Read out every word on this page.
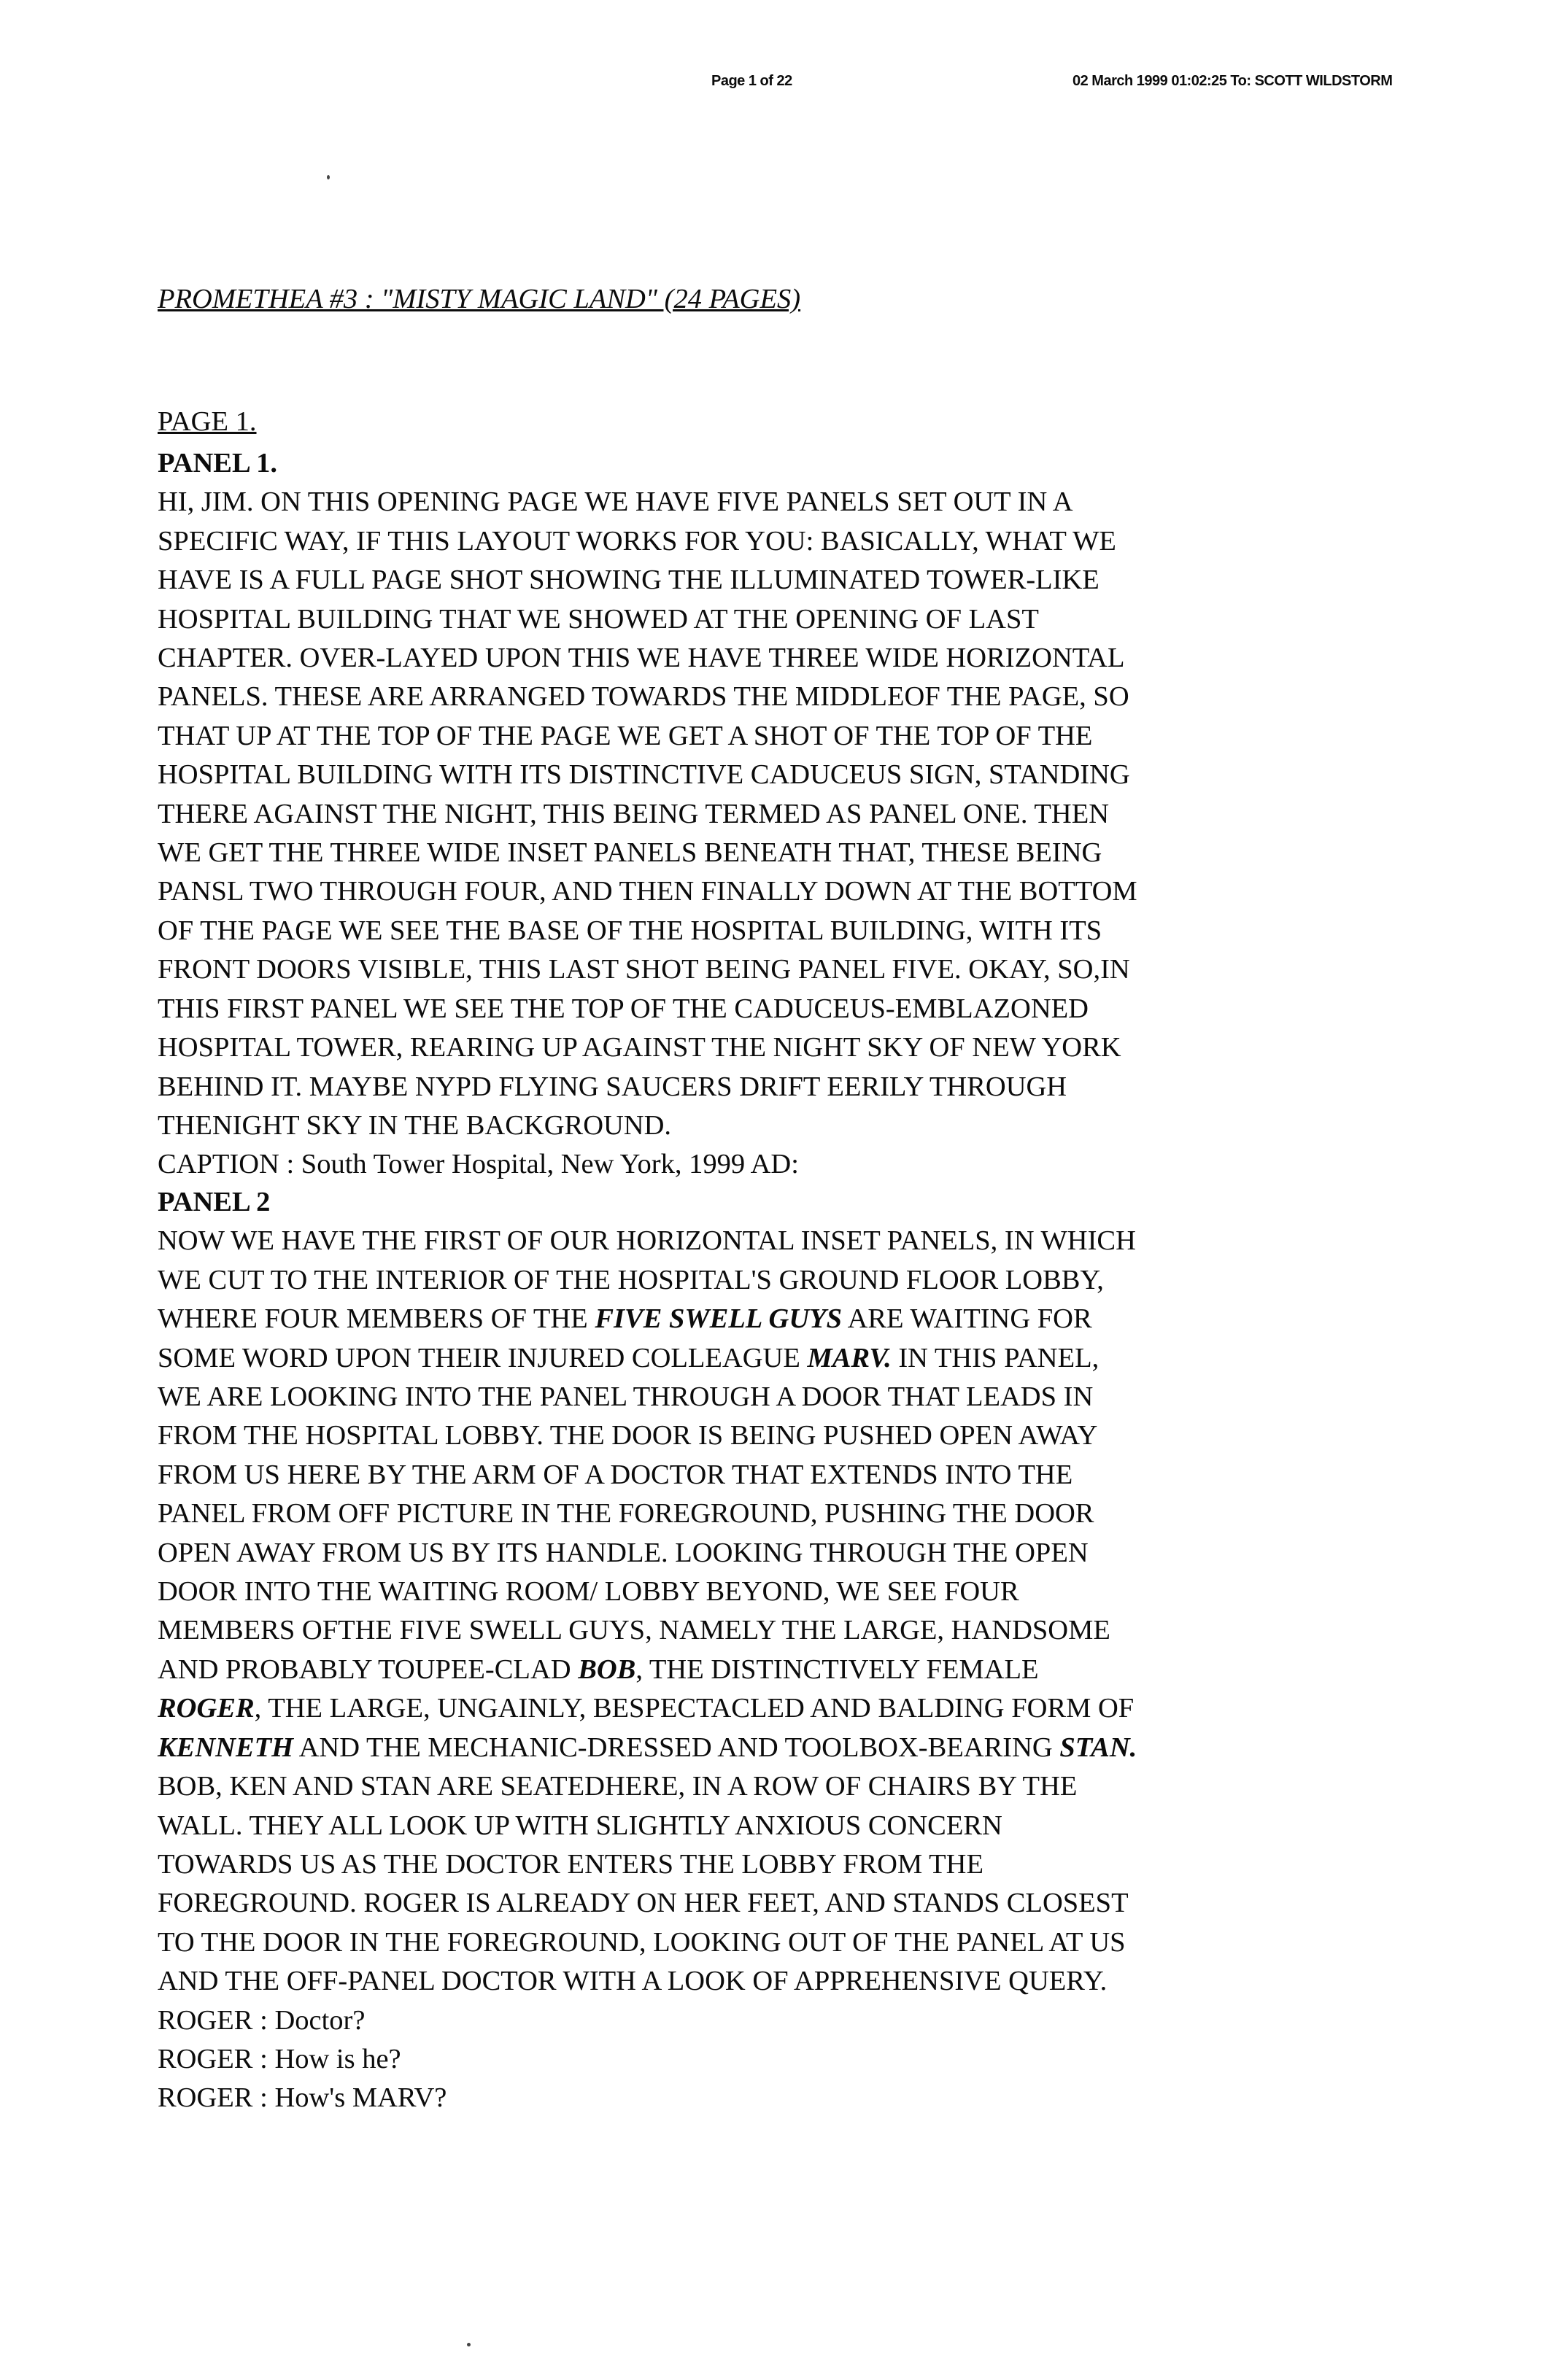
Page 1 of 22	02 March 1999 01:02:25 To: SCOTT WILDSTORM
PROMETHEA #3 : "MISTY MAGIC LAND" (24 PAGES)
PAGE 1.
PANEL 1.
HI, JIM. ON THIS OPENING PAGE WE HAVE FIVE PANELS SET OUT IN A
SPECIFIC WAY, IF THIS LAYOUT WORKS FOR YOU: BASICALLY, WHAT WE
HAVE IS A FULL PAGE SHOT SHOWING THE ILLUMINATED TOWER-LIKE
HOSPITAL BUILDING THAT WE SHOWED AT THE OPENING OF LAST
CHAPTER. OVER-LAYED UPON THIS WE HAVE THREE WIDE HORIZONTAL
PANELS. THESE ARE ARRANGED TOWARDS THE MIDDLEOF THE PAGE, SO
THAT UP AT THE TOP OF THE PAGE WE GET A SHOT OF THE TOP OF THE
HOSPITAL BUILDING WITH ITS DISTINCTIVE CADUCEUS SIGN, STANDING
THERE AGAINST THE NIGHT, THIS BEING TERMED AS PANEL ONE. THEN
WE GET THE THREE WIDE INSET PANELS BENEATH THAT, THESE BEING
PANSL TWO THROUGH FOUR, AND THEN FINALLY DOWN AT THE BOTTOM
OF THE PAGE WE SEE THE BASE OF THE HOSPITAL BUILDING, WITH ITS
FRONT DOORS VISIBLE, THIS LAST SHOT BEING PANEL FIVE. OKAY, SO,IN
THIS FIRST PANEL WE SEE THE TOP OF THE CADUCEUS-EMBLAZONED
HOSPITAL TOWER, REARING UP AGAINST THE NIGHT SKY OF NEW YORK
BEHIND IT. MAYBE NYPD FLYING SAUCERS DRIFT EERILY THROUGH
THENIGHT SKY IN THE BACKGROUND.
CAPTION : South Tower Hospital, New York, 1999 AD:
PANEL 2
NOW WE HAVE THE FIRST OF OUR HORIZONTAL INSET PANELS, IN WHICH
WE CUT TO THE INTERIOR OF THE HOSPITAL'S GROUND FLOOR LOBBY,
WHERE FOUR MEMBERS OF THE FIVE SWELL GUYS ARE WAITING FOR
SOME WORD UPON THEIR INJURED COLLEAGUE MARV. IN THIS PANEL,
WE ARE LOOKING INTO THE PANEL THROUGH A DOOR THAT LEADS IN
FROM THE HOSPITAL LOBBY. THE DOOR IS BEING PUSHED OPEN AWAY
FROM US HERE BY THE ARM OF A DOCTOR THAT EXTENDS INTO THE
PANEL FROM OFF PICTURE IN THE FOREGROUND, PUSHING THE DOOR
OPEN AWAY FROM US BY ITS HANDLE. LOOKING THROUGH THE OPEN
DOOR INTO THE WAITING ROOM/ LOBBY BEYOND, WE SEE FOUR
MEMBERS OFTHE FIVE SWELL GUYS, NAMELY THE LARGE, HANDSOME
AND PROBABLY TOUPEE-CLAD BOB, THE DISTINCTIVELY FEMALE
ROGER, THE LARGE, UNGAINLY, BESPECTACLED AND BALDING FORM OF
KENNETH AND THE MECHANIC-DRESSED AND TOOLBOX-BEARING STAN.
BOB, KEN AND STAN ARE SEATEDHERE, IN A ROW OF CHAIRS BY THE
WALL. THEY ALL LOOK UP WITH SLIGHTLY ANXIOUS CONCERN
TOWARDS US AS THE DOCTOR ENTERS THE LOBBY FROM THE
FOREGROUND. ROGER IS ALREADY ON HER FEET, AND STANDS CLOSEST
TO THE DOOR IN THE FOREGROUND, LOOKING OUT OF THE PANEL AT US
AND THE OFF-PANEL DOCTOR WITH A LOOK OF APPREHENSIVE QUERY.
ROGER : Doctor?
ROGER : How is he?
ROGER : How's MARV?
